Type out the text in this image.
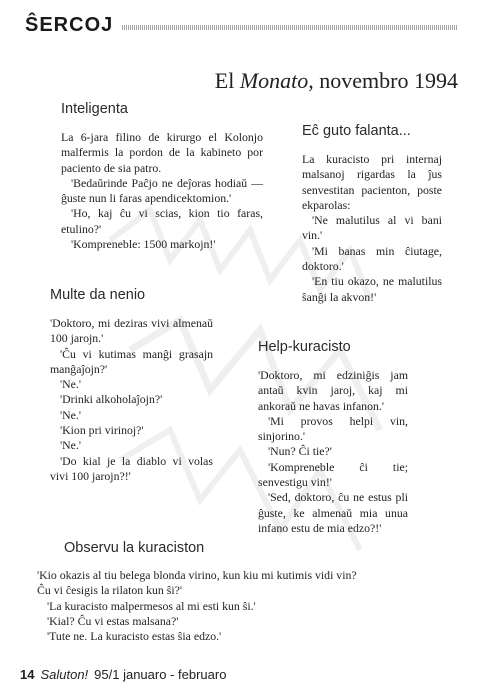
ŜERCOJ
El Monato, novembro 1994
Inteligenta

La 6-jara filino de kirurgo el Kolonjo malfermis la pordon de la kabineto por paciento de sia patro.

'Bedaŭrinde Paĉjo ne deĵoras hodiaŭ — ĝuste nun li faras apendicektomion.'

'Ho, kaj ĉu vi scias, kion tio faras, etulino?'

'Kompreneble: 1500 markojn!'

Eĉ guto falanta...

La kuracisto pri internaj malsanoj rigardas la ĵus senvestitan pacienton, poste ekparolas:

'Ne malutilus al vi bani vin.'

'Mi banas min ĉiutage, doktoro.'

'En tiu okazo, ne malutilus ŝanĝi la akvon!'

Multe da nenio

'Doktoro, mi deziras vivi almenaŭ 100 jarojn.'

'Ĉu vi kutimas manĝi grasajn manĝaĵojn?'

'Ne.'

'Drinki alkoholaĵojn?'

'Ne.'

'Kion pri virinoj?'

'Ne.'

'Do kial je la diablo vi volas vivi 100 jarojn?!'

Help-kuracisto

'Doktoro, mi edziniĝis jam antaŭ kvin jaroj, kaj mi ankoraŭ ne havas infanon.'

'Mi provos helpi vin, sinjorino.'

'Nun? Ĉi tie?'

'Kompreneble ĉi tie; senvestigu vin!'

'Sed, doktoro, ĉu ne estus pli ĝuste, ke almenaŭ mia unua infano estu de mia edzo?!'

Observu la kuraciston

'Kio okazis al tiu belega blonda virino, kun kiu mi kutimis vidi vin?

Ĉu vi ĉesigis la rilaton kun ŝi?'

'La kuracisto malpermesos al mi esti kun ŝi.'

'Kial? Ĉu vi estas malsana?'

'Tute ne. La kuracisto estas ŝia edzo.'

14 Saluton! 95/1 januaro - februaro
